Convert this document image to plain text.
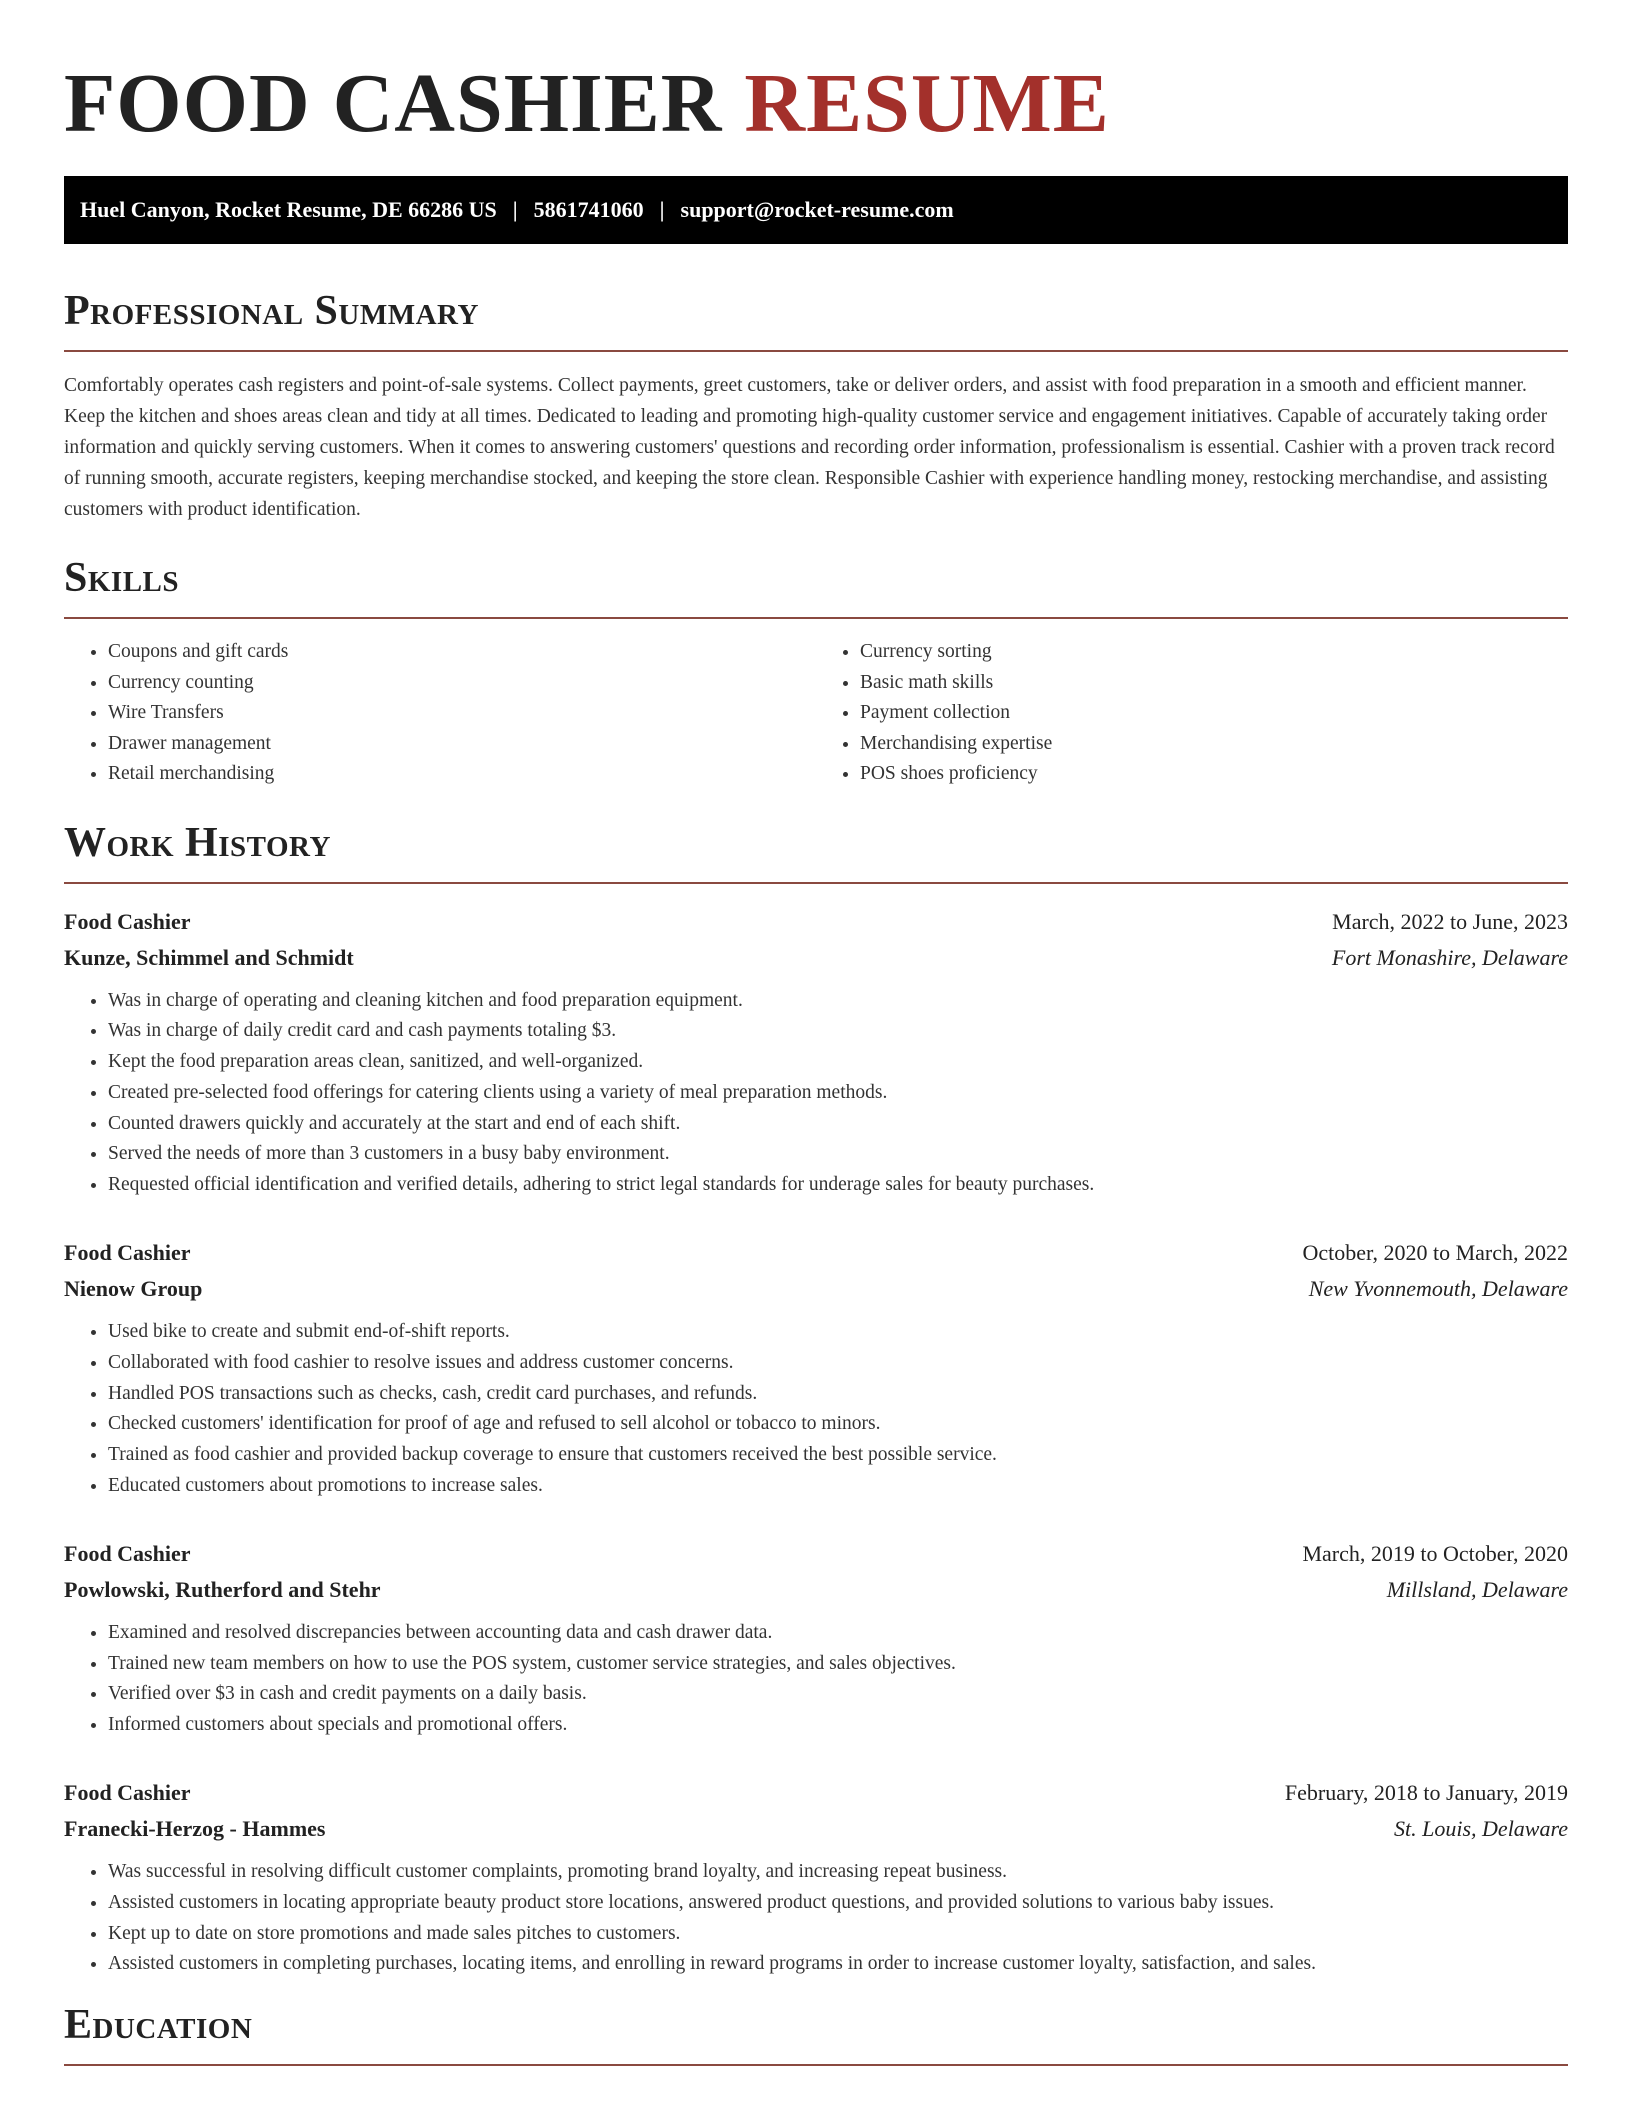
FOOD CASHIER RESUME
Huel Canyon, Rocket Resume, DE 66286 US | 5861741060 | support@rocket-resume.com
Professional Summary

Comfortably operates cash registers and point-of-sale systems. Collect payments, greet customers, take or deliver orders, and assist with food preparation in a smooth and efficient manner. Keep the kitchen and shoes areas clean and tidy at all times. Dedicated to leading and promoting high-quality customer service and engagement initiatives. Capable of accurately taking order information and quickly serving customers. When it comes to answering customers' questions and recording order information, professionalism is essential. Cashier with a proven track record of running smooth, accurate registers, keeping merchandise stocked, and keeping the store clean. Responsible Cashier with experience handling money, restocking merchandise, and assisting customers with product identification.

Skills
• Coupons and gift cards
• Currency counting
• Wire Transfers
• Drawer management
• Retail merchandising
• Currency sorting
• Basic math skills
• Payment collection
• Merchandising expertise
• POS shoes proficiency
Work History
Food Cashier	March, 2022 to June, 2023
Kunze, Schimmel and Schmidt	Fort Monashire, Delaware
• Was in charge of operating and cleaning kitchen and food preparation equipment.
• Was in charge of daily credit card and cash payments totaling $3.
• Kept the food preparation areas clean, sanitized, and well-organized.
• Created pre-selected food offerings for catering clients using a variety of meal preparation methods.
• Counted drawers quickly and accurately at the start and end of each shift.
• Served the needs of more than 3 customers in a busy baby environment.
• Requested official identification and verified details, adhering to strict legal standards for underage sales for beauty purchases.
Food Cashier	October, 2020 to March, 2022
Nienow Group	New Yvonnemouth, Delaware
• Used bike to create and submit end-of-shift reports.
• Collaborated with food cashier to resolve issues and address customer concerns.
• Handled POS transactions such as checks, cash, credit card purchases, and refunds.
• Checked customers' identification for proof of age and refused to sell alcohol or tobacco to minors.
• Trained as food cashier and provided backup coverage to ensure that customers received the best possible service.
• Educated customers about promotions to increase sales.
Food Cashier	March, 2019 to October, 2020
Powlowski, Rutherford and Stehr	Millsland, Delaware
• Examined and resolved discrepancies between accounting data and cash drawer data.
• Trained new team members on how to use the POS system, customer service strategies, and sales objectives.
• Verified over $3 in cash and credit payments on a daily basis.
• Informed customers about specials and promotional offers.
Food Cashier	February, 2018 to January, 2019
Franecki-Herzog - Hammes	St. Louis, Delaware
• Was successful in resolving difficult customer complaints, promoting brand loyalty, and increasing repeat business.
• Assisted customers in locating appropriate beauty product store locations, answered product questions, and provided solutions to various baby issues.
• Kept up to date on store promotions and made sales pitches to customers.
• Assisted customers in completing purchases, locating items, and enrolling in reward programs in order to increase customer loyalty, satisfaction, and sales.
Education
